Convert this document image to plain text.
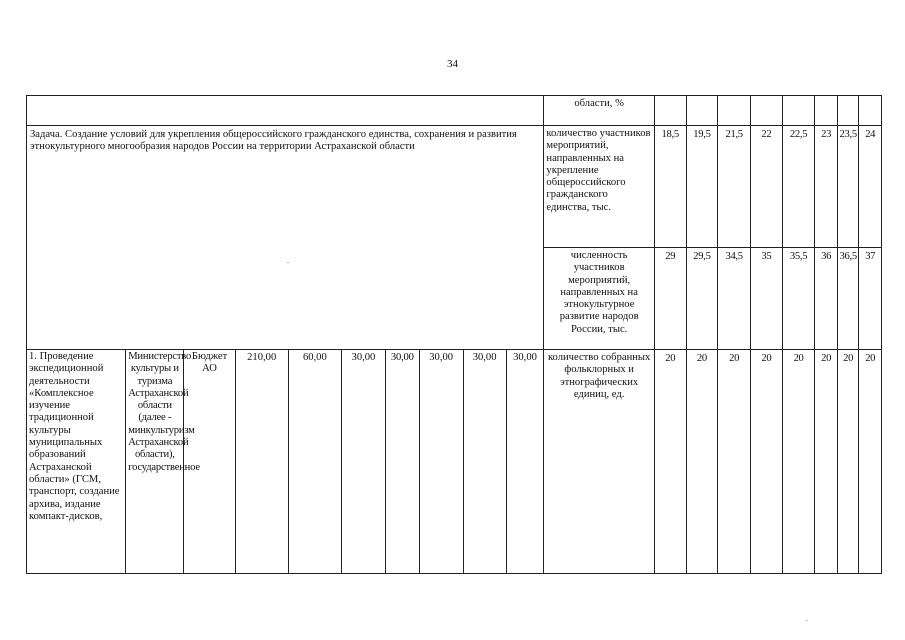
34
										области, %								
Задача. Создание условий для укрепления общероссийского гражданского единства, сохранения и развития этнокультурного многообразия народов России на территории Астраханской области										количество участников мероприятий, направленных на укрепление общероссийского гражданского единства, тыс.	18,5	19,5	21,5	22	22,5	23	23,5	24
										численность участников мероприятий, направленных на этнокультурное развитие народов России, тыс.	29	29,5	34,5	35	35,5	36	36,5	37
1. Проведение экспедиционной деятельности «Комплексное изучение традиционной культуры муниципальных образований Астраханской области» (ГСМ, транспорт, создание архива, издание компакт-дисков,	Министерство культуры и туризма Астраханской области (далее - минкультуризм Астраханской области), государственное	Бюджет АО	210,00	60,00	30,00	30,00	30,00	30,00	30,00	количество собранных фольклорных и этнографических единиц, ед.	20	20	20	20	20	20	20	20
